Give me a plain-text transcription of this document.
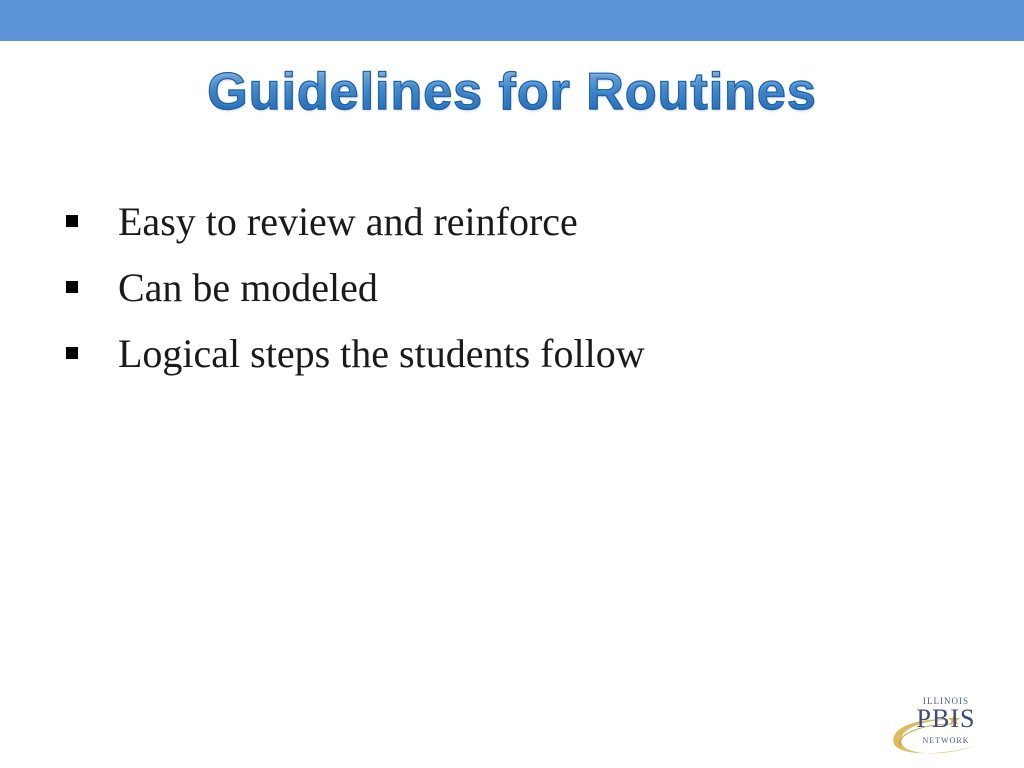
Guidelines for Routines
Easy to review and reinforce
Can be modeled
Logical steps the students follow
ILLINOIS
PBIS
NETWORK
